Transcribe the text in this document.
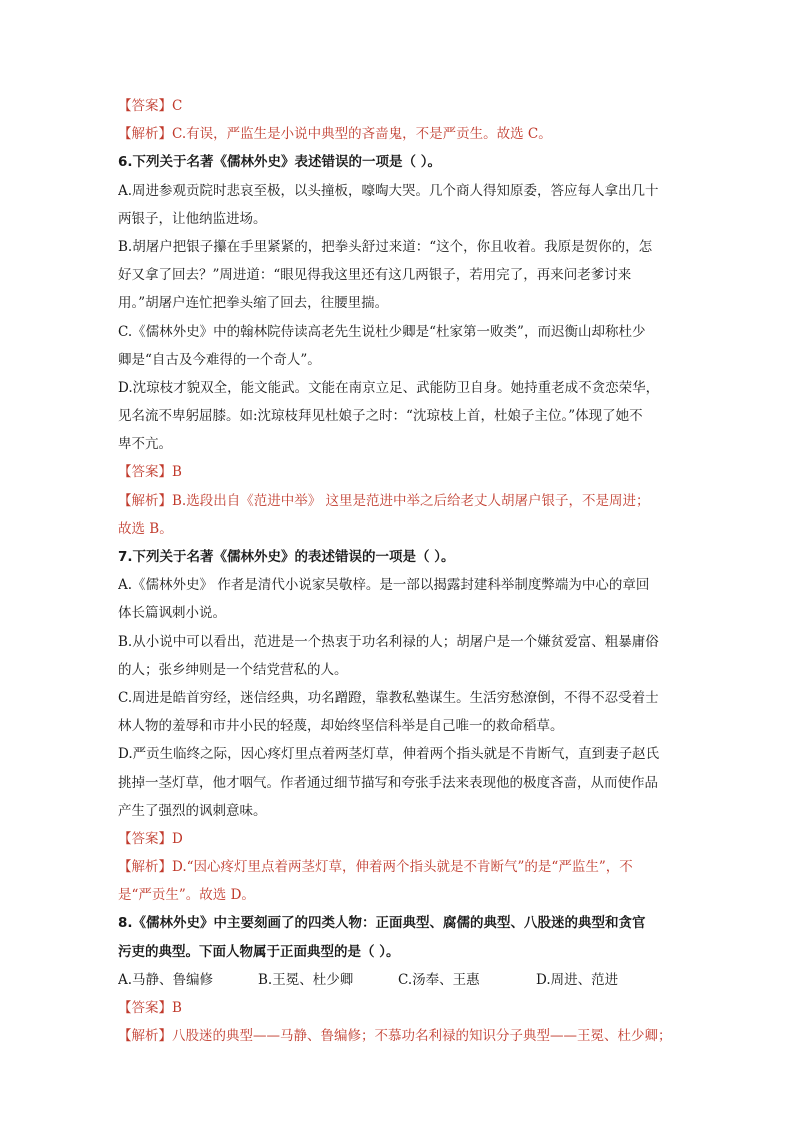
【答案】C
【解析】C.有误，严监生是小说中典型的吝啬鬼，不是严贡生。故选 C。
6.下列关于名著《儒林外史》表述错误的一项是（ ）。
A.周进参观贡院时悲哀至极，以头撞板，嚎啕大哭。几个商人得知原委，答应每人拿出几十
两银子，让他纳监进场。
B.胡屠户把银子攥在手里紧紧的，把拳头舒过来道：“这个，你且收着。我原是贺你的，怎
好又拿了回去？”周进道：“眼见得我这里还有这几两银子，若用完了，再来问老爹讨来
用。”胡屠户连忙把拳头缩了回去，往腰里揣。
C.《儒林外史》中的翰林院侍读高老先生说杜少卿是“杜家第一败类”，而迟衡山却称杜少
卿是“自古及今难得的一个奇人”。
D.沈琼枝才貌双全，能文能武。文能在南京立足、武能防卫自身。她持重老成不贪恋荣华，
见名流不卑躬屈膝。如:沈琼枝拜见杜娘子之时：“沈琼枝上首，杜娘子主位。”体现了她不
卑不亢。
【答案】B
【解析】B.选段出自《范进中举》 这里是范进中举之后给老丈人胡屠户银子，不是周进；
故选 B。
7.下列关于名著《儒林外史》的表述错误的一项是（ ）。
A.《儒林外史》 作者是清代小说家吴敬梓。是一部以揭露封建科举制度弊端为中心的章回
体长篇讽刺小说。
B.从小说中可以看出，范进是一个热衷于功名利禄的人；胡屠户是一个嫌贫爱富、粗暴庸俗
的人；张乡绅则是一个结党营私的人。
C.周进是皓首穷经，迷信经典，功名蹭蹬，靠教私塾谋生。生活穷愁潦倒，不得不忍受着士
林人物的羞辱和市井小民的轻蔑，却始终坚信科举是自己唯一的救命稻草。
D.严贡生临终之际，因心疼灯里点着两茎灯草，伸着两个指头就是不肯断气，直到妻子赵氏
挑掉一茎灯草，他才咽气。作者通过细节描写和夸张手法来表现他的极度吝啬，从而使作品
产生了强烈的讽刺意味。
【答案】D
【解析】D.“因心疼灯里点着两茎灯草，伸着两个指头就是不肯断气”的是“严监生”，不
是“严贡生”。故选 D。
8.《儒林外史》中主要刻画了的四类人物：正面典型、腐儒的典型、八股迷的典型和贪官
污吏的典型。下面人物属于正面典型的是（ ）。
A.马静、鲁编修	B.王冕、杜少卿	C.汤奉、王惠	D.周进、范进
【答案】B
【解析】八股迷的典型——马静、鲁编修；不慕功名利禄的知识分子典型——王冕、杜少卿；
